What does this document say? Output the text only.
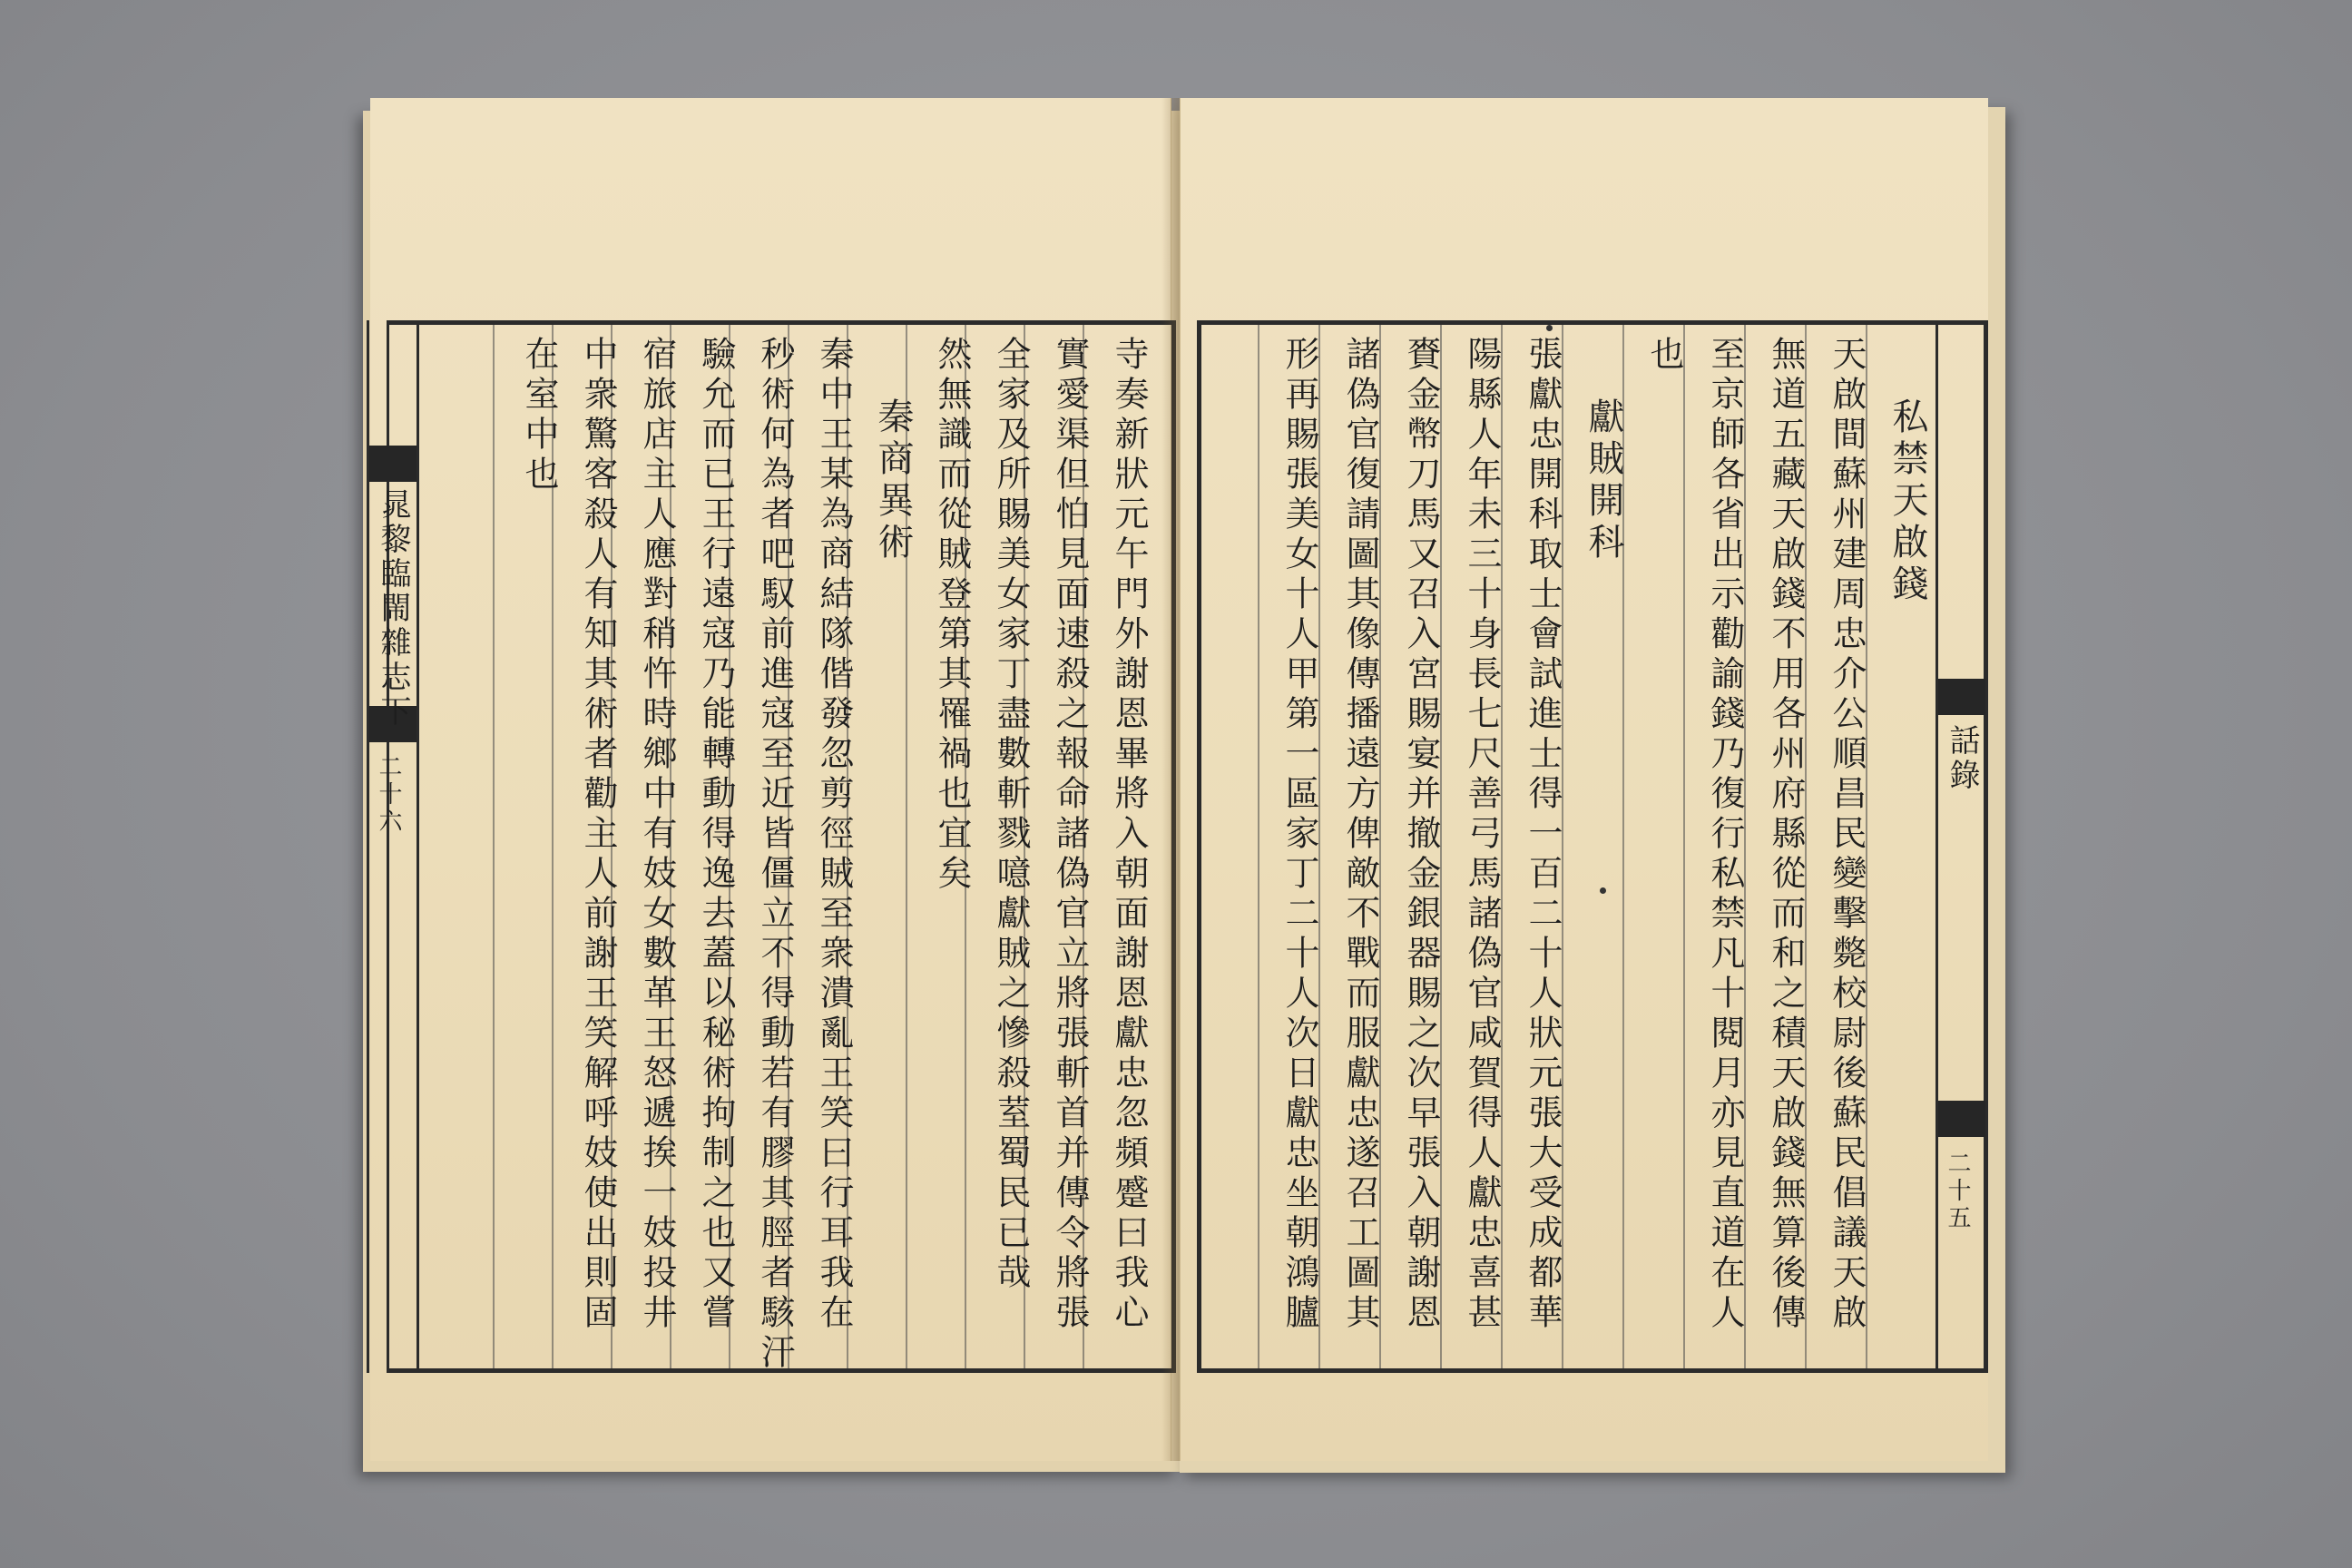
晁黎臨閙雜志下
二十六	寺奏新狀元午門外謝恩畢將入朝面謝恩獻忠忽頻蹙曰我心
實愛渠但怕見面速殺之報命諸偽官立將張斬首并傳令將張
全家及所賜美女家丁盡數斬戮噫獻賊之慘殺荎蜀民已哉
然無識而從賊登第其罹禍也宜矣
秦商異術
秦中王某為商結隊偕發忽剪徑賊至衆潰亂王笑曰行耳我在
秒術何為者吧馭前進寇至近皆僵立不得動若有膠其脛者駭汗
驗允而已王行遠寇乃能轉動得逸去蓋以秘術拘制之也又嘗
宿旅店主人應對稍忤時鄉中有妓女數革王怒遞挨一妓投井
中衆驚客殺人有知其術者勸主人前謝王笑解呼妓使出則固
在室中也
話錄
二十五
私禁天啟錢
天啟間蘇州建周忠介公順昌民變擊斃校尉後蘇民倡議天啟
無道五藏天啟錢不用各州府縣從而和之積天啟錢無算後傳
至京師各省出示勸諭錢乃復行私禁凡十閱月亦見直道在人
也
獻賊開科
張獻忠開科取士會試進士得一百二十人狀元張大受成都華
陽縣人年未三十身長七尺善弓馬諸偽官咸賀得人獻忠喜甚
賚金幣刀馬又召入宮賜宴并撤金銀器賜之次早張入朝謝恩
諸偽官復請圖其像傳播遠方俾敵不戰而服獻忠遂召工圖其
形再賜張美女十人甲第一區家丁二十人次日獻忠坐朝鴻臚
